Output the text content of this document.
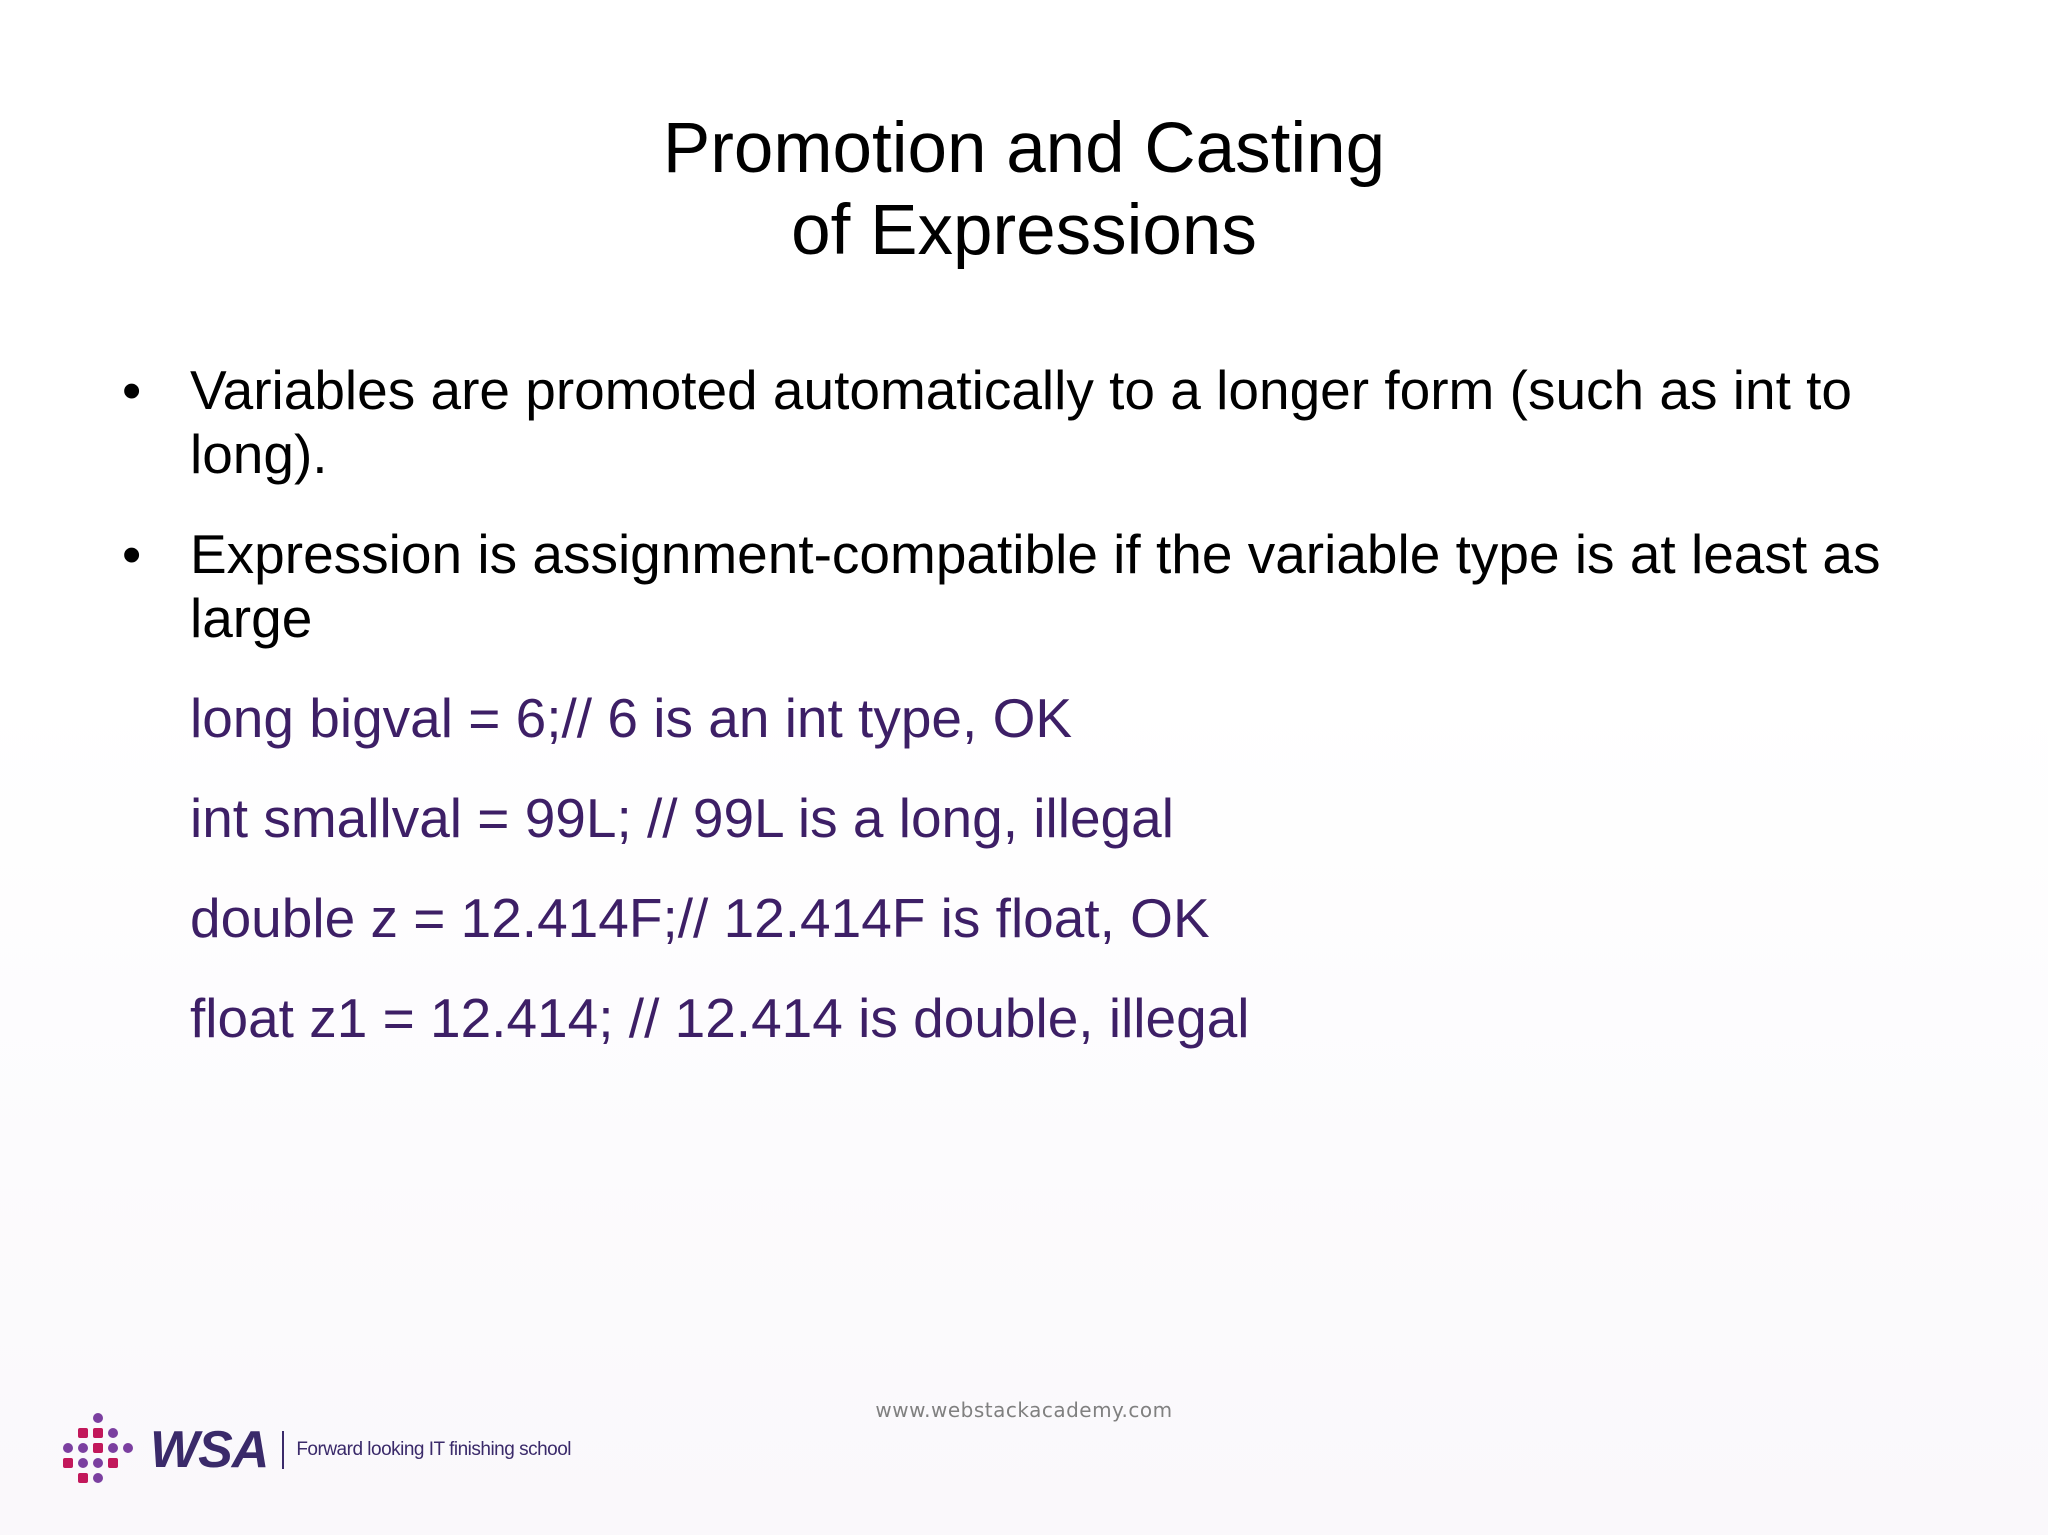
Promotion and Casting
of Expressions
• Variables are promoted automatically to a longer form (such as int to long).
• Expression is assignment-compatible if the variable type is at least as large
long bigval = 6;// 6 is an int type, OK
int smallval = 99L; // 99L is a long, illegal
double z = 12.414F;// 12.414F is float, OK
float z1 = 12.414; // 12.414 is double, illegal
www.webstackacademy.com
WSA Forward looking IT finishing school
